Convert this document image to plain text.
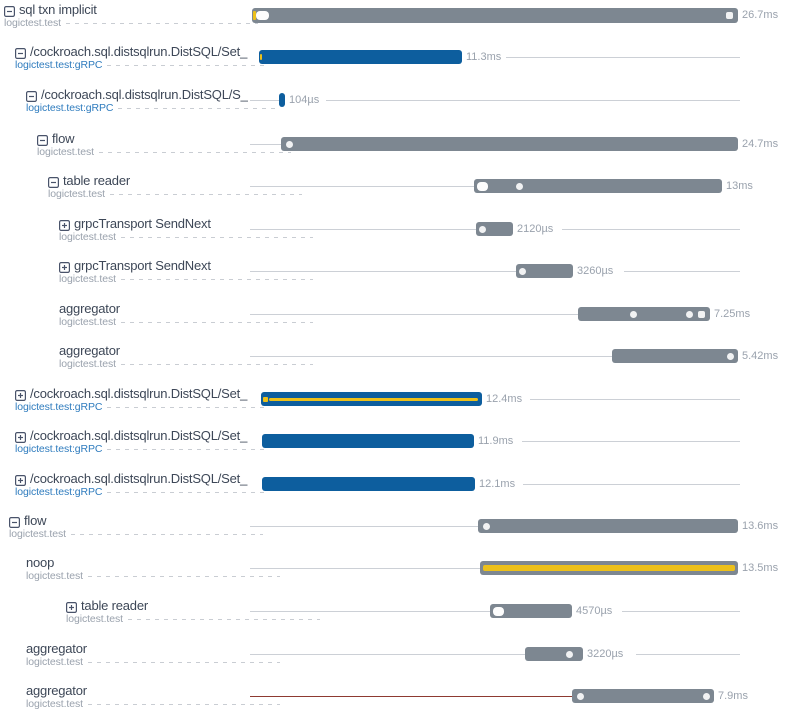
sql txn implicit
logictest.test
26.7ms
/cockroach.sql.distsqlrun.DistSQL/Set_
logictest.test:gRPC
11.3ms
/cockroach.sql.distsqlrun.DistSQL/S_
logictest.test:gRPC
104µs
flow
logictest.test
24.7ms
table reader
logictest.test
13ms
grpcTransport SendNext
logictest.test
2120µs
grpcTransport SendNext
logictest.test
3260µs
aggregator
logictest.test
7.25ms
aggregator
logictest.test
5.42ms
/cockroach.sql.distsqlrun.DistSQL/Set_
logictest.test:gRPC
12.4ms
/cockroach.sql.distsqlrun.DistSQL/Set_
logictest.test:gRPC
11.9ms
/cockroach.sql.distsqlrun.DistSQL/Set_
logictest.test:gRPC
12.1ms
flow
logictest.test
13.6ms
noop
logictest.test
13.5ms
table reader
logictest.test
4570µs
aggregator
logictest.test
3220µs
aggregator
logictest.test
7.9ms
